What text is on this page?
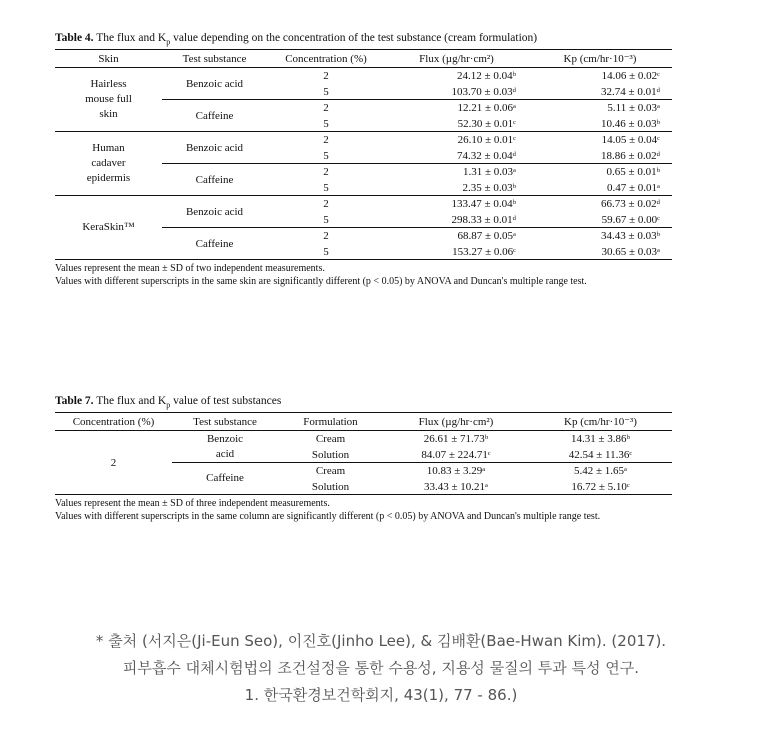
Table 4. The flux and $K_p$ value depending on the concentration of the test substance (cream formulation)
Skin	Test substance	Concentration (%)	Flux (µg/hr·cm²)	Kp (cm/hr·10⁻³)
Hairless mouse full skin	Benzoic acid	2	24.12 ± 0.04ᵇ	14.06 ± 0.02ᶜ
		5	103.70 ± 0.03ᵈ	32.74 ± 0.01ᵈ
	Caffeine	2	12.21 ± 0.06ᵃ	5.11 ± 0.03ᵃ
		5	52.30 ± 0.01ᶜ	10.46 ± 0.03ᵇ
Human cadaver epidermis	Benzoic acid	2	26.10 ± 0.01ᶜ	14.05 ± 0.04ᶜ
		5	74.32 ± 0.04ᵈ	18.86 ± 0.02ᵈ
	Caffeine	2	1.31 ± 0.03ᵃ	0.65 ± 0.01ᵇ
		5	2.35 ± 0.03ᵇ	0.47 ± 0.01ᵃ
KeraSkin™	Benzoic acid	2	133.47 ± 0.04ᵇ	66.73 ± 0.02ᵈ
		5	298.33 ± 0.01ᵈ	59.67 ± 0.00ᶜ
	Caffeine	2	68.87 ± 0.05ᵃ	34.43 ± 0.03ᵇ
		5	153.27 ± 0.06ᶜ	30.65 ± 0.03ᵃ
Values represent the mean ± SD of two independent measurements.
Values with different superscripts in the same skin are significantly different (p < 0.05) by ANOVA and Duncan's multiple range test.
Table 7. The flux and $K_p$ value of test substances
Concentration (%)	Test substance	Formulation	Flux (µg/hr·cm²)	Kp (cm/hr·10⁻³)
2	Benzoic acid	Cream	26.61 ± 71.73ᵇ	14.31 ± 3.86ᵇ
		Solution	84.07 ± 224.71ᶜ	42.54 ± 11.36ᶜ
	Caffeine	Cream	10.83 ± 3.29ᵃ	5.42 ± 1.65ᵃ
		Solution	33.43 ± 10.21ᵃ	16.72 ± 5.10ᶜ
Values represent the mean ± SD of three independent measurements.
Values with different superscripts in the same column are significantly different (p < 0.05) by ANOVA and Duncan's multiple range test.
* 출처 (서지은(Ji-Eun Seo), 이진호(Jinho Lee), & 김배환(Bae-Hwan Kim). (2017).
피부흡수 대체시험법의 조건설정을 통한 수용성, 지용성 물질의 투과 특성 연구.
1. 한국환경보건학회지, 43(1), 77 - 86.)
